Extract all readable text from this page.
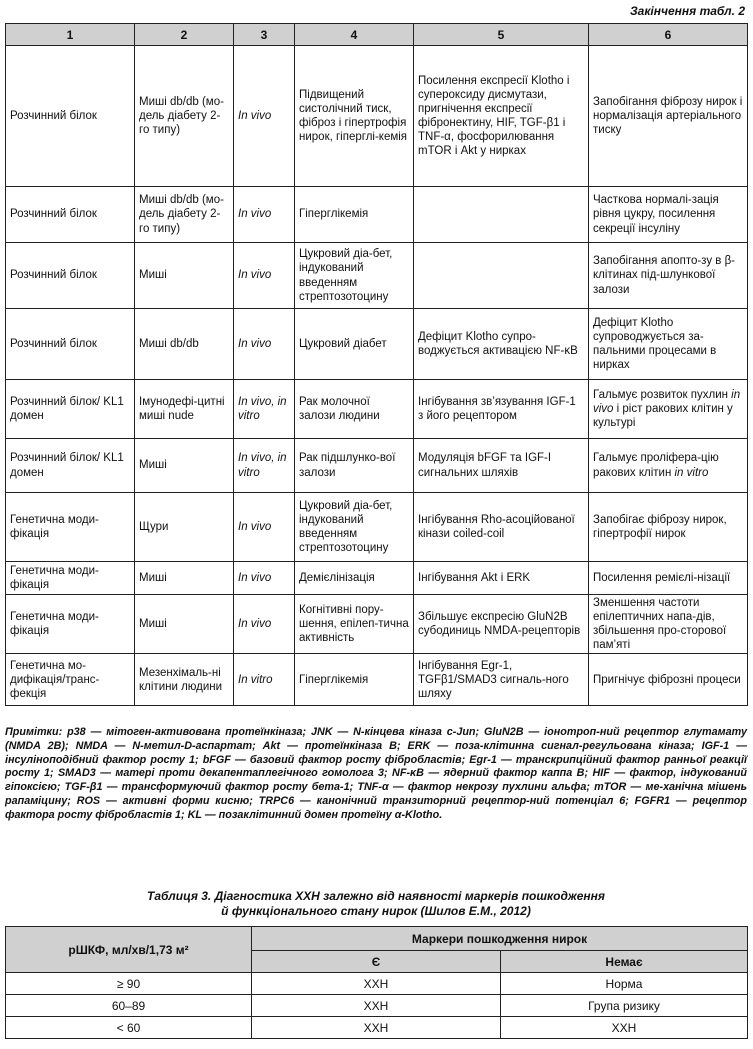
Закінчення табл. 2
1	2	3	4	5	6
Розчинний білок	Миші db/db (мо-дель діабету 2-го типу)	In vivo	Підвищений систолічний тиск, фіброз і гіпертрофія нирок, гіперглі-кемія	Посилення експресії Klotho і супероксиду дисмутази, пригнічення експресії фібронектину, HIF, TGF-β1 і TNF-α, фосфорилювання mTOR і Akt у нирках	Запобігання фіброзу нирок і нормалізація артеріального тиску
Розчинний білок	Миші db/db (мо-дель діабету 2-го типу)	In vivo	Гіперглікемія		Часткова нормалі-зація рівня цукру, посилення секреції інсуліну
Розчинний білок	Миші	In vivo	Цукровий діа-бет, індукований введенням стрептозотоцину		Запобігання апопто-зу в β-клітинах під-шлункової залози
Розчинний білок	Миші db/db	In vivo	Цукровий діабет	Дефіцит Klotho супро-воджується активацією NF-κB	Дефіцит Klotho супроводжується за-пальними процесами в нирках
Розчинний білок/ KL1 домен	Імунодефі-цитні миші nude	In vivo, in vitro	Рак молочної залози людини	Інгібування зв’язування IGF-1 з його рецептором	Гальмує розвиток пухлин in vivo і ріст ракових клітин у культурі
Розчинний білок/ KL1 домен	Миші	In vivo, in vitro	Рак підшлунко-вої залози	Модуляція bFGF та IGF-I сигнальних шляхів	Гальмує проліфера-цію ракових клітин in vitro
Генетична моди-фікація	Щури	In vivo	Цукровий діа-бет, індукований введенням стрептозотоцину	Інгібування Rho-асоційованої кінази coiled-coil	Запобігає фіброзу нирок, гіпертрофії нирок
Генетична моди-фікація	Миші	In vivo	Демієлінізація	Інгібування Akt і ERK	Посилення ремієлі-нізації
Генетична моди-фікація	Миші	In vivo	Когнітивні пору-шення, епілеп-тична активність	Збільшує експресію GluN2B субодиниць NMDA-рецепторів	Зменшення частоти епілептичних напа-дів, збільшення про-сторової пам’яті
Генетична мо-дифікація/транс-фекція	Мезенхімаль-ні клітини людини	In vitro	Гіперглікемія	Інгібування Egr-1, TGFβ1/SMAD3 сигналь-ного шляху	Пригнічує фіброзні процеси
Примітки: p38 — мітоген-активована протеїнкіназа; JNK — N-кінцева кіназа c-Jun; GluN2B — іонотроп-ний рецептор глутамату (NMDA 2B); NMDA — N-метил-D-аспартат; Akt — протеїнкіназа B; ERK — поза-клітинна сигнал-регульована кіназа; IGF-1 — інсуліноподібний фактор росту 1; bFGF — базовий фактор росту фібробластів; Egr-1 — транскрипційний фактор ранньої реакції росту 1; SMAD3 — матері проти декапентаплегічного гомолога 3; NF-κB — ядерний фактор каппа B; HIF — фактор, індукований гіпоксією; TGF-β1 — трансформуючий фактор росту бета-1; TNF-α — фактор некрозу пухлини альфа; mTOR — ме-ханічна мішень рапаміцину; ROS — активні форми кисню; TRPC6 — канонічний транзиторний рецептор-ний потенціал 6; FGFR1 — рецептор фактора росту фібробластів 1; KL — позаклітинний домен протеїну α-Klotho.
Таблиця 3. Діагностика ХХН залежно від наявності маркерів пошкодження
й функціонального стану нирок (Шилов Е.М., 2012)
рШКФ, мл/хв/1,73 м²	Маркери пошкодження нирок	
	Є	Немає
≥ 90	ХХН	Норма
60–89	ХХН	Група ризику
< 60	ХХН	ХХН
